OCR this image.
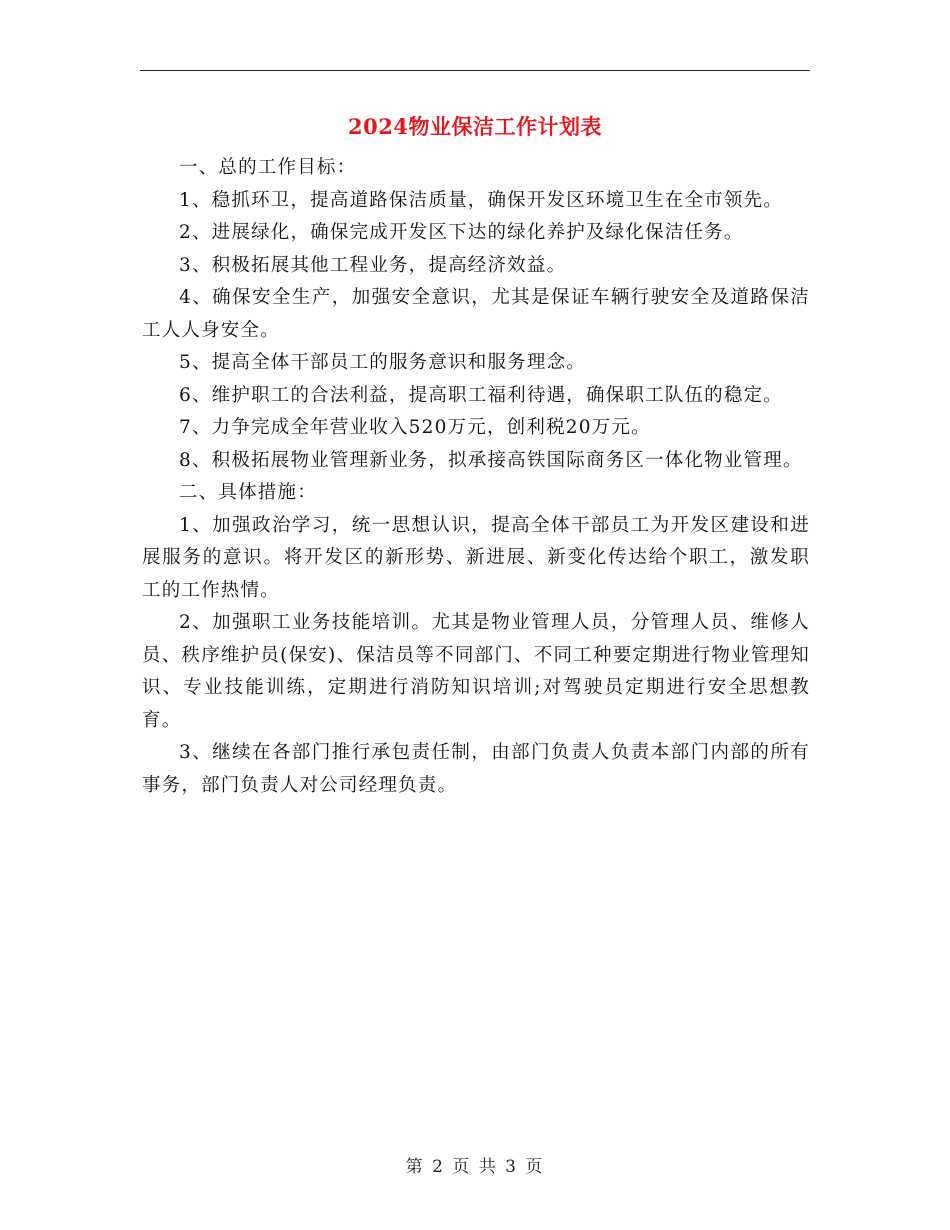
2024物业保洁工作计划表

一、总的工作目标：

1、稳抓环卫，提高道路保洁质量，确保开发区环境卫生在全市领先。

2、进展绿化，确保完成开发区下达的绿化养护及绿化保洁任务。

3、积极拓展其他工程业务，提高经济效益。

4、确保安全生产，加强安全意识，尤其是保证车辆行驶安全及道路保洁工人人身安全。

5、提高全体干部员工的服务意识和服务理念。

6、维护职工的合法利益，提高职工福利待遇，确保职工队伍的稳定。

7、力争完成全年营业收入520万元，创利税20万元。

8、积极拓展物业管理新业务，拟承接高铁国际商务区一体化物业管理。

二、具体措施：

1、加强政治学习，统一思想认识，提高全体干部员工为开发区建设和进展服务的意识。将开发区的新形势、新进展、新变化传达给个职工，激发职工的工作热情。

2、加强职工业务技能培训。尤其是物业管理人员，分管理人员、维修人员、秩序维护员(保安)、保洁员等不同部门、不同工种要定期进行物业管理知识、专业技能训练，定期进行消防知识培训;对驾驶员定期进行安全思想教育。

3、继续在各部门推行承包责任制，由部门负责人负责本部门内部的所有事务，部门负责人对公司经理负责。

第 2 页 共 3 页
